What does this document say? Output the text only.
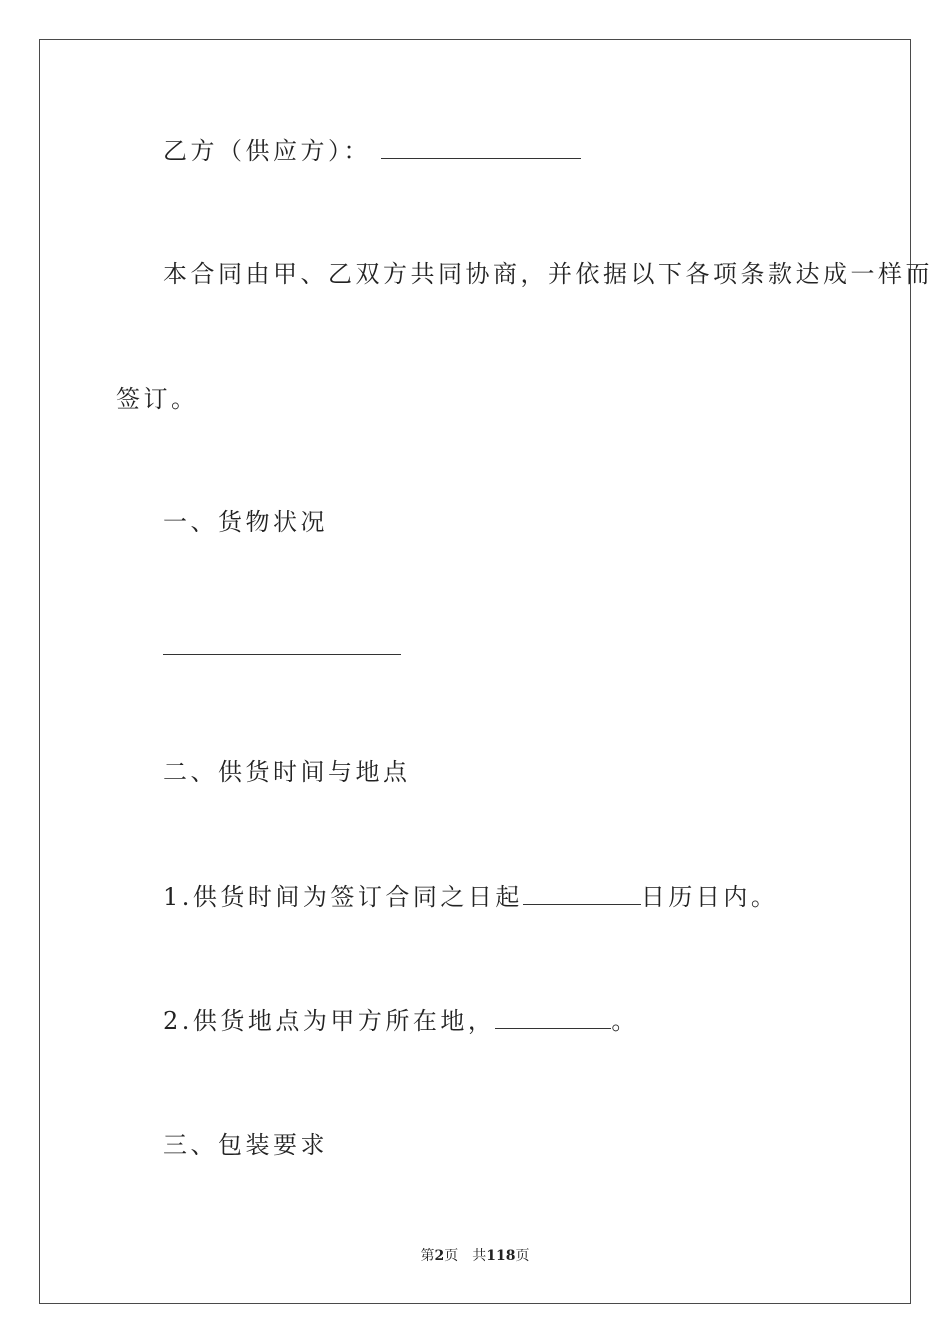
乙方（供应方）：
本合同由甲、乙双方共同协商，并依据以下各项条款达成一样而
签订。
一、货物状况
二、供货时间与地点
1.供货时间为签订合同之日起	日历日内。
2.供货地点为甲方所在地，	。
三、包装要求
第2页　共118页
